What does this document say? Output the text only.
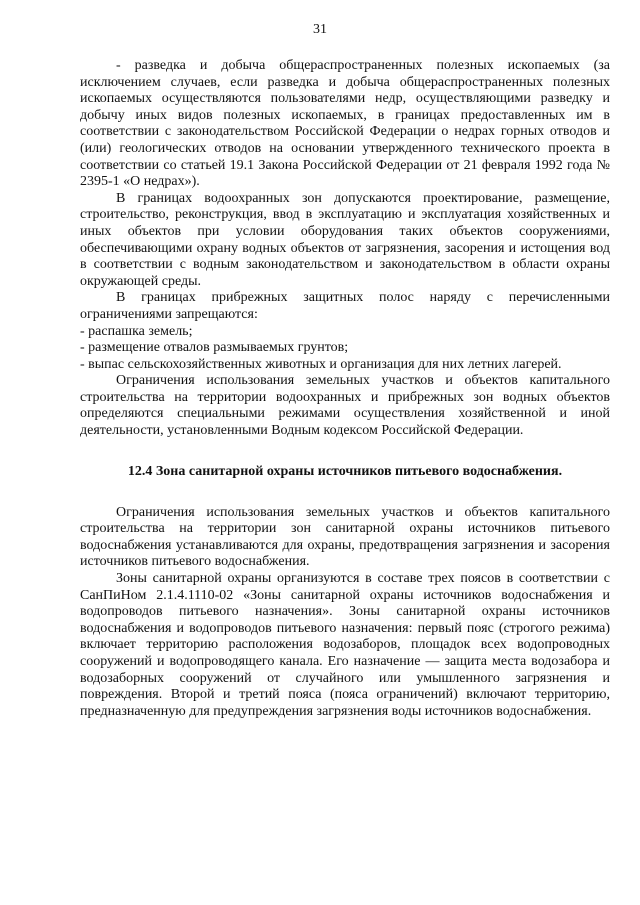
31

- разведка и добыча общераспространенных полезных ископаемых (за исключением случаев, если разведка и добыча общераспространенных полезных ископаемых осуществляются пользователями недр, осуществляющими разведку и добычу иных видов полезных ископаемых, в границах предоставленных им в соответствии с законодательством Российской Федерации о недрах горных отводов и (или) геологических отводов на основании утвержденного технического проекта в соответствии со статьей 19.1 Закона Российской Федерации от 21 февраля 1992 года № 2395-1 «О недрах»).

В границах водоохранных зон допускаются проектирование, размещение, строительство, реконструкция, ввод в эксплуатацию и эксплуатация хозяйственных и иных объектов при условии оборудования таких объектов сооружениями, обеспечивающими охрану водных объектов от загрязнения, засорения и истощения вод в соответствии с водным законодательством и законодательством в области охраны окружающей среды.

В границах прибрежных защитных полос наряду с перечисленными ограничениями запрещаются:

- распашка земель;

- размещение отвалов размываемых грунтов;

- выпас сельскохозяйственных животных и организация для них летних лагерей.

Ограничения использования земельных участков и объектов капитального строительства на территории водоохранных и прибрежных зон водных объектов определяются специальными режимами осуществления хозяйственной и иной деятельности, установленными Водным кодексом Российской Федерации.

12.4 Зона санитарной охраны источников питьевого водоснабжения.

Ограничения использования земельных участков и объектов капитального строительства на территории зон санитарной охраны источников питьевого водоснабжения устанавливаются для охраны, предотвращения загрязнения и засорения источников питьевого водоснабжения.

Зоны санитарной охраны организуются в составе трех поясов в соответствии с СанПиНом 2.1.4.1110-02 «Зоны санитарной охраны источников водоснабжения и водопроводов питьевого назначения». Зоны санитарной охраны источников водоснабжения и водопроводов питьевого назначения: первый пояс (строгого режима) включает территорию расположения водозаборов, площадок всех водопроводных сооружений и водопроводящего канала. Его назначение — защита места водозабора и водозаборных сооружений от случайного или умышленного загрязнения и повреждения. Второй и третий пояса (пояса ограничений) включают территорию, предназначенную для предупреждения загрязнения воды источников водоснабжения.
